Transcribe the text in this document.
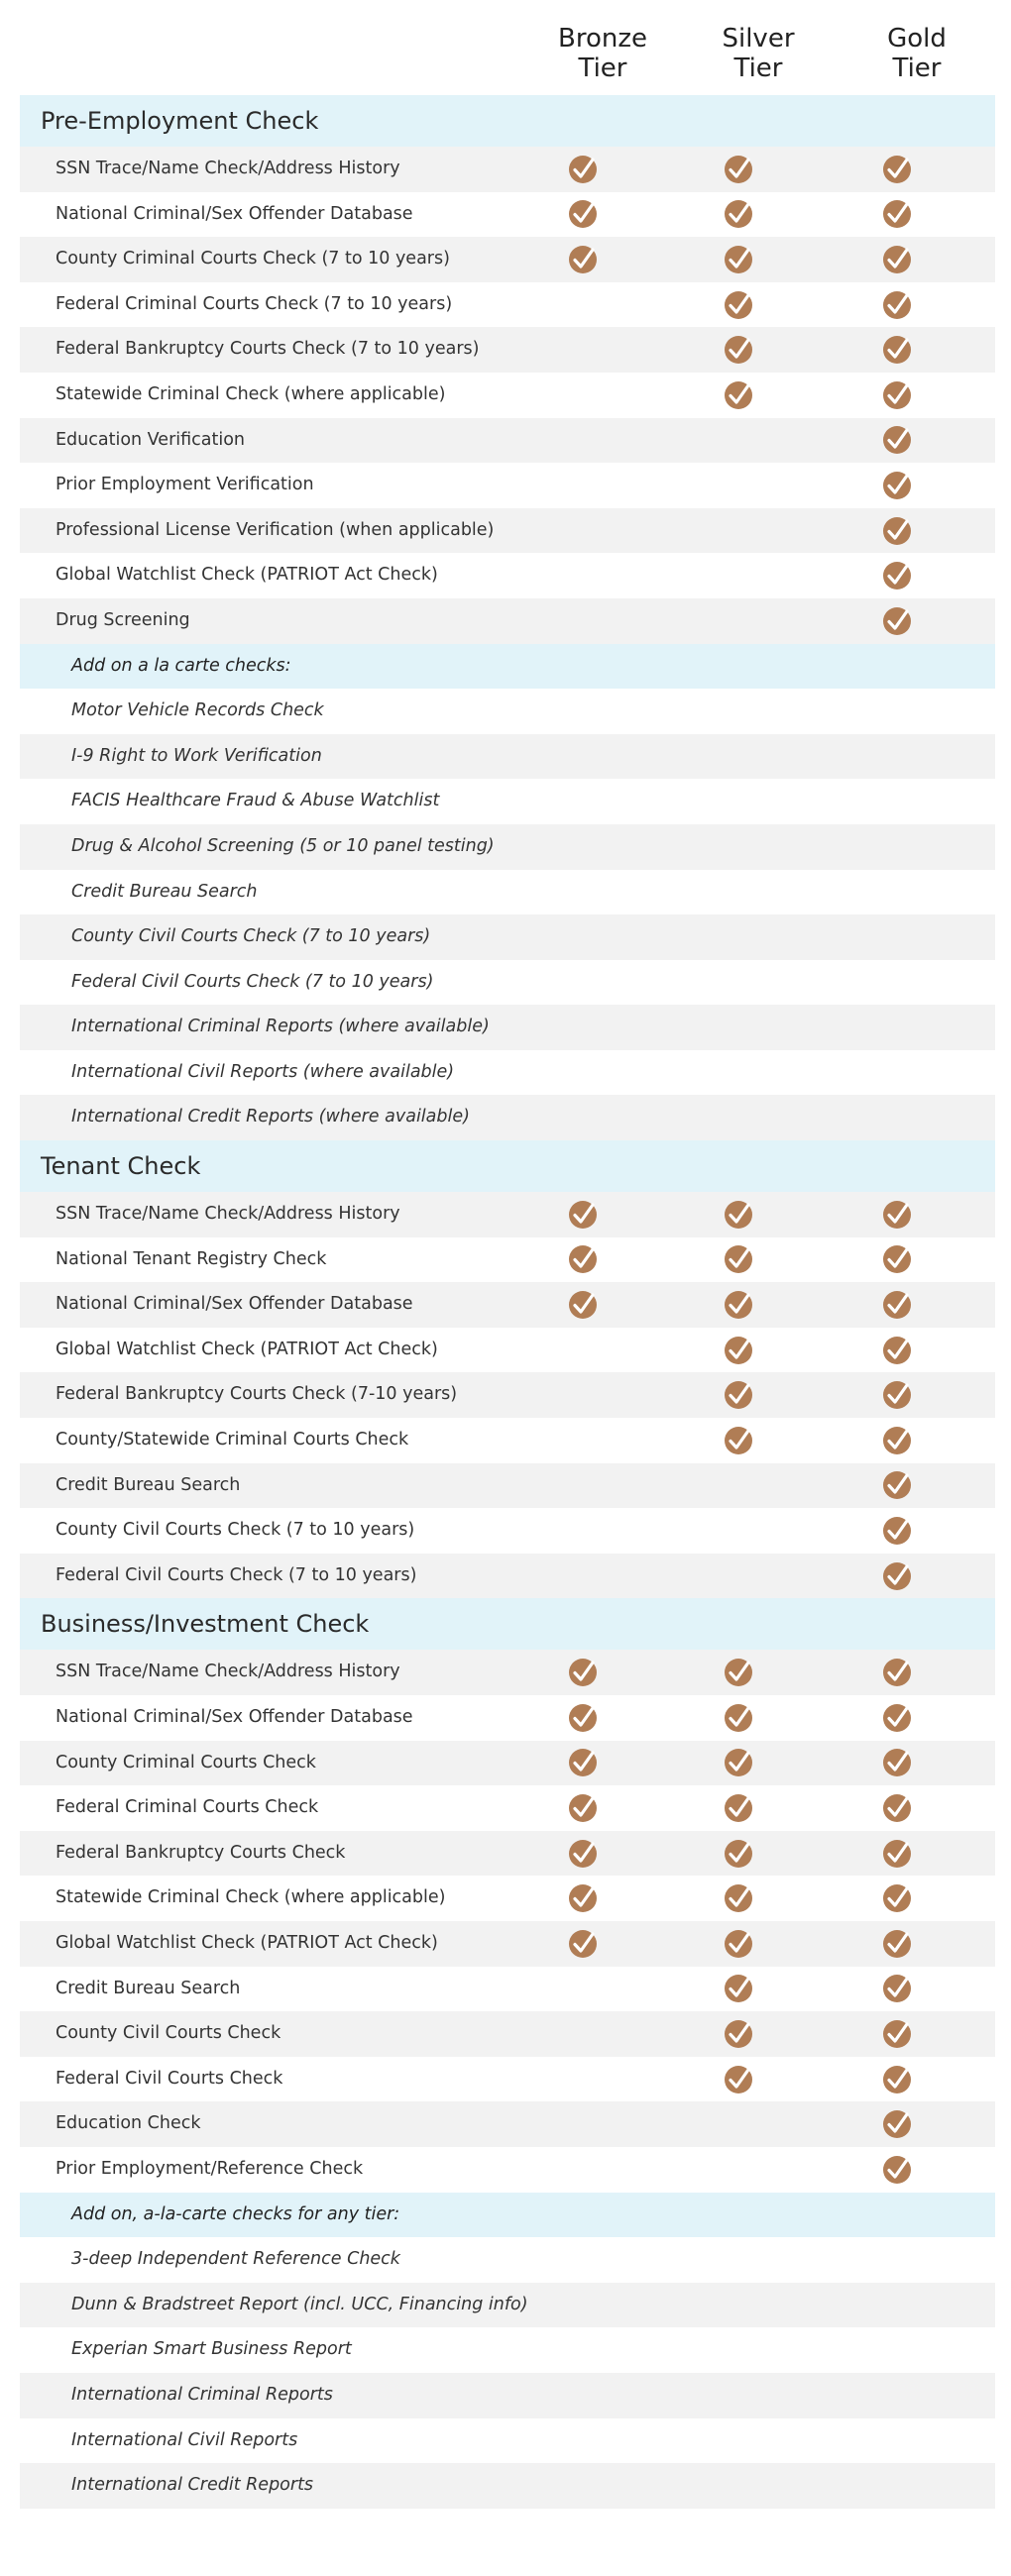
Bronze
Tier
Silver
Tier
Gold
Tier
Pre-Employment Check
SSN Trace/Name Check/Address History
National Criminal/Sex Offender Database
County Criminal Courts Check (7 to 10 years)
Federal Criminal Courts Check (7 to 10 years)
Federal Bankruptcy Courts Check (7 to 10 years)
Statewide Criminal Check (where applicable)
Education Verification
Prior Employment Verification
Professional License Verification (when applicable)
Global Watchlist Check (PATRIOT Act Check)
Drug Screening
Add on a la carte checks:
Motor Vehicle Records Check
I-9 Right to Work Verification
FACIS Healthcare Fraud & Abuse Watchlist
Drug & Alcohol Screening (5 or 10 panel testing)
Credit Bureau Search
County Civil Courts Check (7 to 10 years)
Federal Civil Courts Check (7 to 10 years)
International Criminal Reports (where available)
International Civil Reports (where available)
International Credit Reports (where available)
Tenant Check
SSN Trace/Name Check/Address History
National Tenant Registry Check
National Criminal/Sex Offender Database
Global Watchlist Check (PATRIOT Act Check)
Federal Bankruptcy Courts Check (7-10 years)
County/Statewide Criminal Courts Check
Credit Bureau Search
County Civil Courts Check (7 to 10 years)
Federal Civil Courts Check (7 to 10 years)
Business/Investment Check
SSN Trace/Name Check/Address History
National Criminal/Sex Offender Database
County Criminal Courts Check
Federal Criminal Courts Check
Federal Bankruptcy Courts Check
Statewide Criminal Check (where applicable)
Global Watchlist Check (PATRIOT Act Check)
Credit Bureau Search
County Civil Courts Check
Federal Civil Courts Check
Education Check
Prior Employment/Reference Check
Add on, a-la-carte checks for any tier:
3-deep Independent Reference Check
Dunn & Bradstreet Report (incl. UCC, Financing info)
Experian Smart Business Report
International Criminal Reports
International Civil Reports
International Credit Reports
